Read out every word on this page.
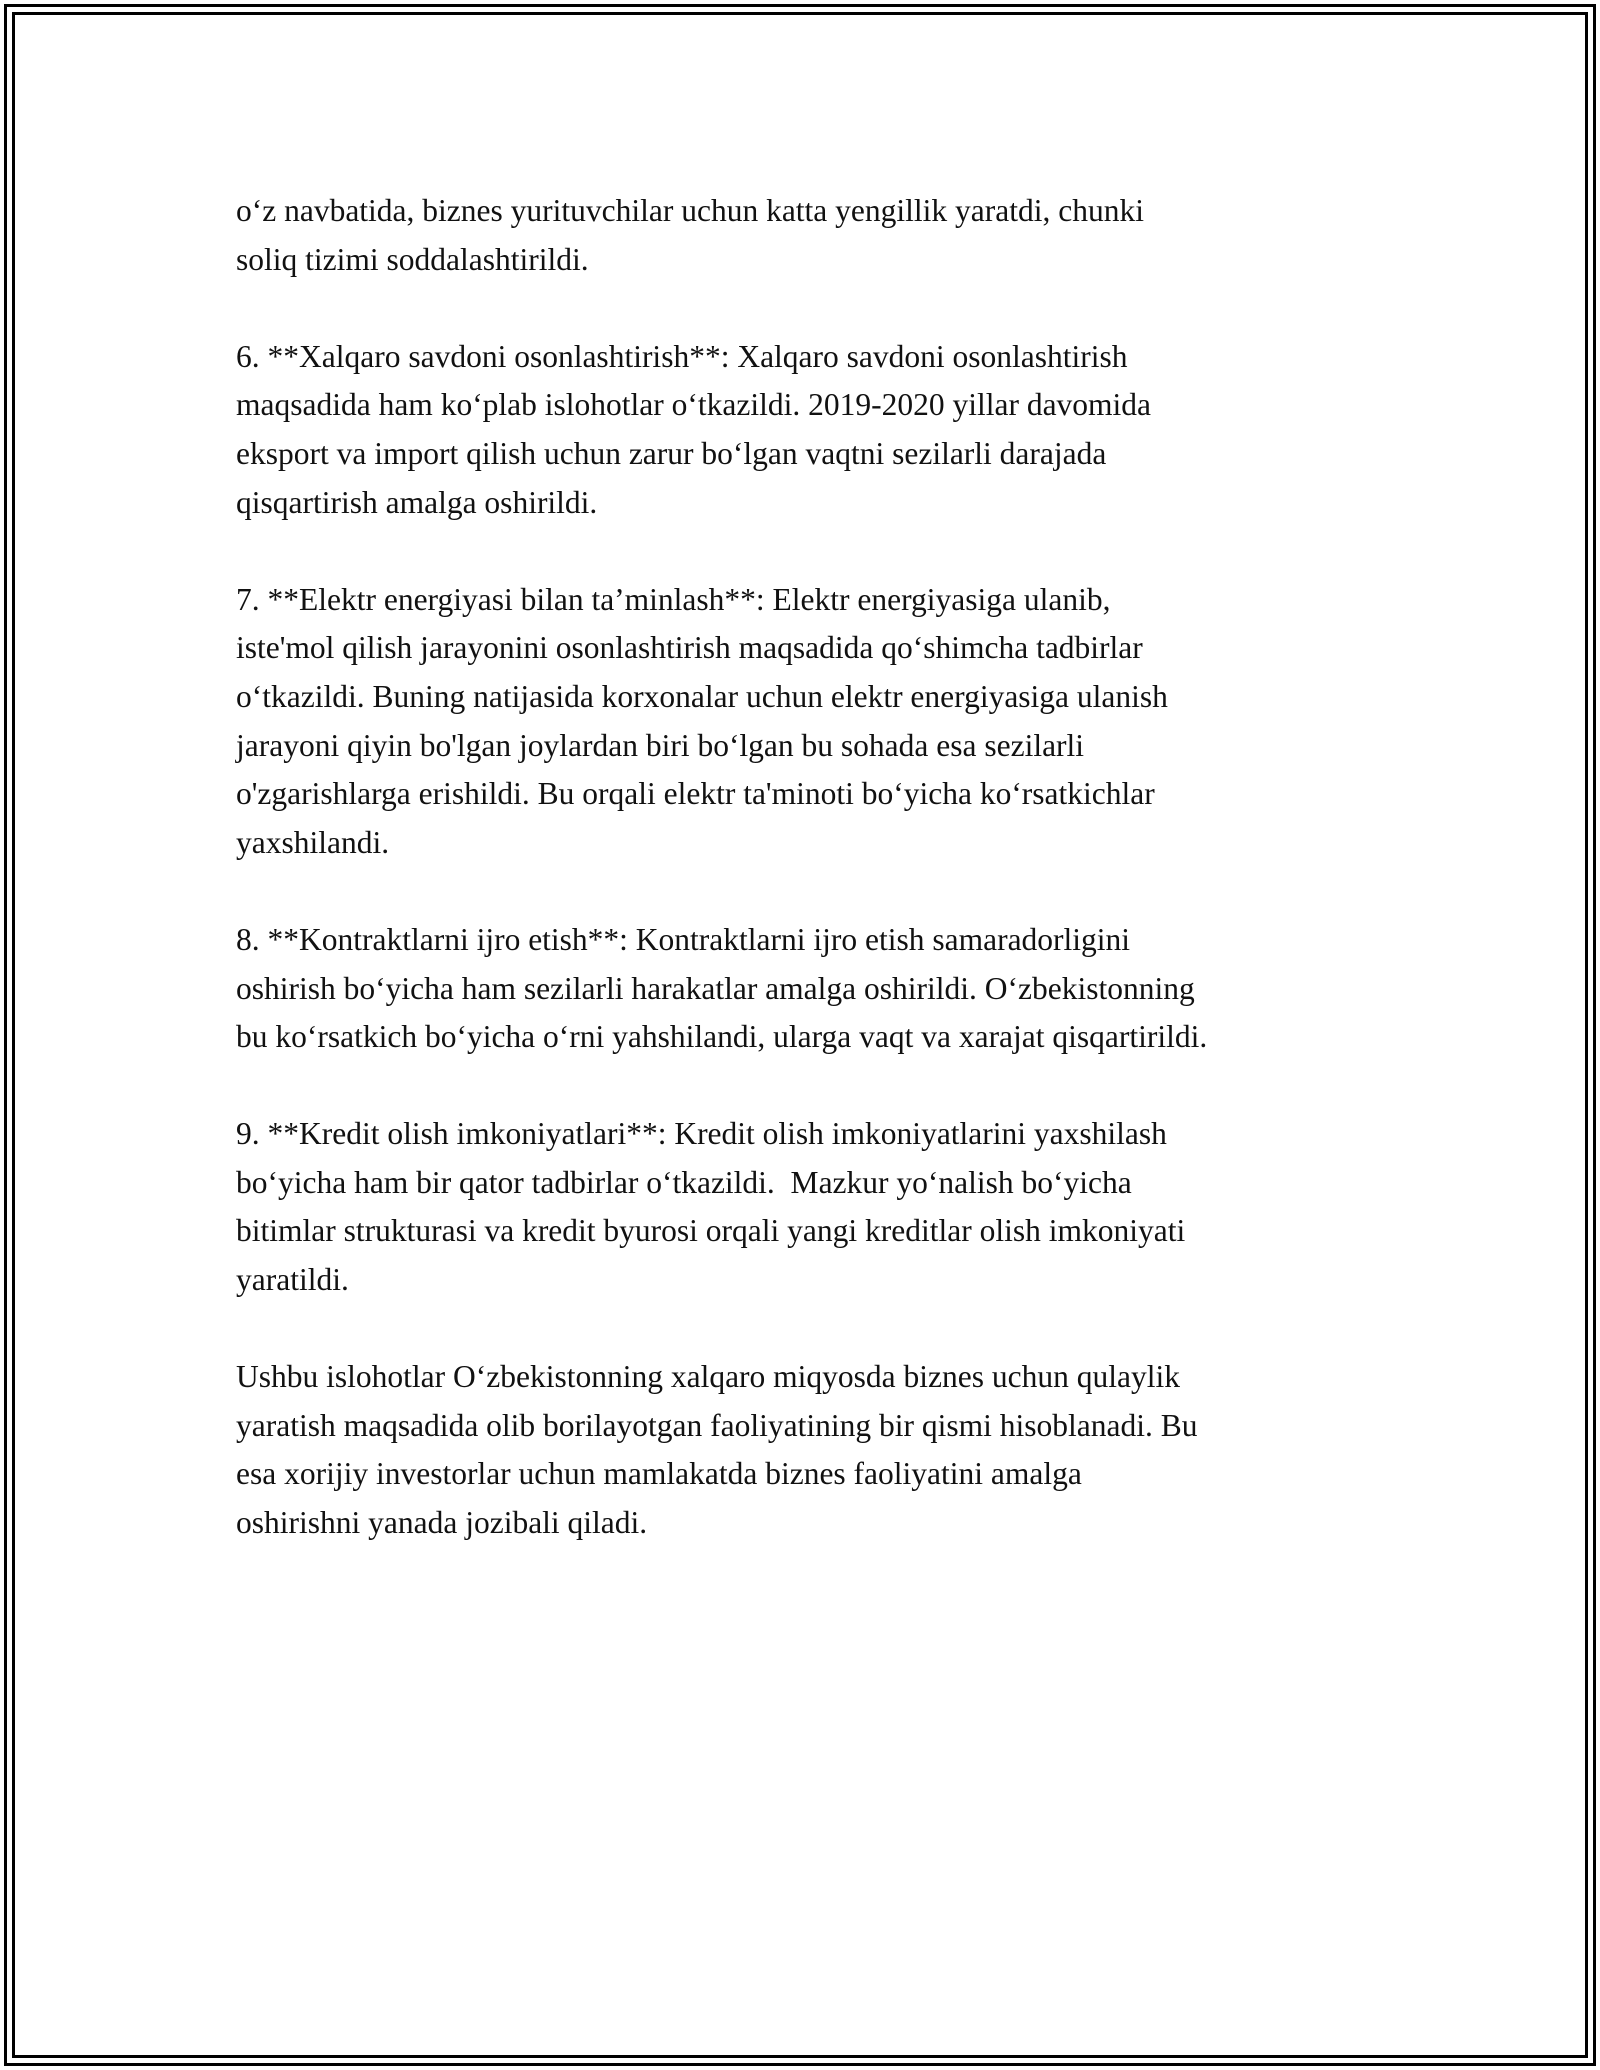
o‘z navbatida, biznes yurituvchilar uchun katta yengillik yaratdi, chunki
soliq tizimi soddalashtirildi.

6. **Xalqaro savdoni osonlashtirish**: Xalqaro savdoni osonlashtirish
maqsadida ham ko‘plab islohotlar o‘tkazildi. 2019-2020 yillar davomida
eksport va import qilish uchun zarur bo‘lgan vaqtni sezilarli darajada
qisqartirish amalga oshirildi.

7. **Elektr energiyasi bilan ta’minlash**: Elektr energiyasiga ulanib,
iste'mol qilish jarayonini osonlashtirish maqsadida qo‘shimcha tadbirlar
o‘tkazildi. Buning natijasida korxonalar uchun elektr energiyasiga ulanish
jarayoni qiyin bo'lgan joylardan biri bo‘lgan bu sohada esa sezilarli
o'zgarishlarga erishildi. Bu orqali elektr ta'minoti bo‘yicha ko‘rsatkichlar
yaxshilandi.

8. **Kontraktlarni ijro etish**: Kontraktlarni ijro etish samaradorligini
oshirish bo‘yicha ham sezilarli harakatlar amalga oshirildi. O‘zbekistonning
bu ko‘rsatkich bo‘yicha o‘rni yahshilandi, ularga vaqt va xarajat qisqartirildi.

9. **Kredit olish imkoniyatlari**: Kredit olish imkoniyatlarini yaxshilash
bo‘yicha ham bir qator tadbirlar o‘tkazildi.  Mazkur yo‘nalish bo‘yicha
bitimlar strukturasi va kredit byurosi orqali yangi kreditlar olish imkoniyati
yaratildi.

Ushbu islohotlar O‘zbekistonning xalqaro miqyosda biznes uchun qulaylik
yaratish maqsadida olib borilayotgan faoliyatining bir qismi hisoblanadi. Bu
esa xorijiy investorlar uchun mamlakatda biznes faoliyatini amalga
oshirishni yanada jozibali qiladi.
